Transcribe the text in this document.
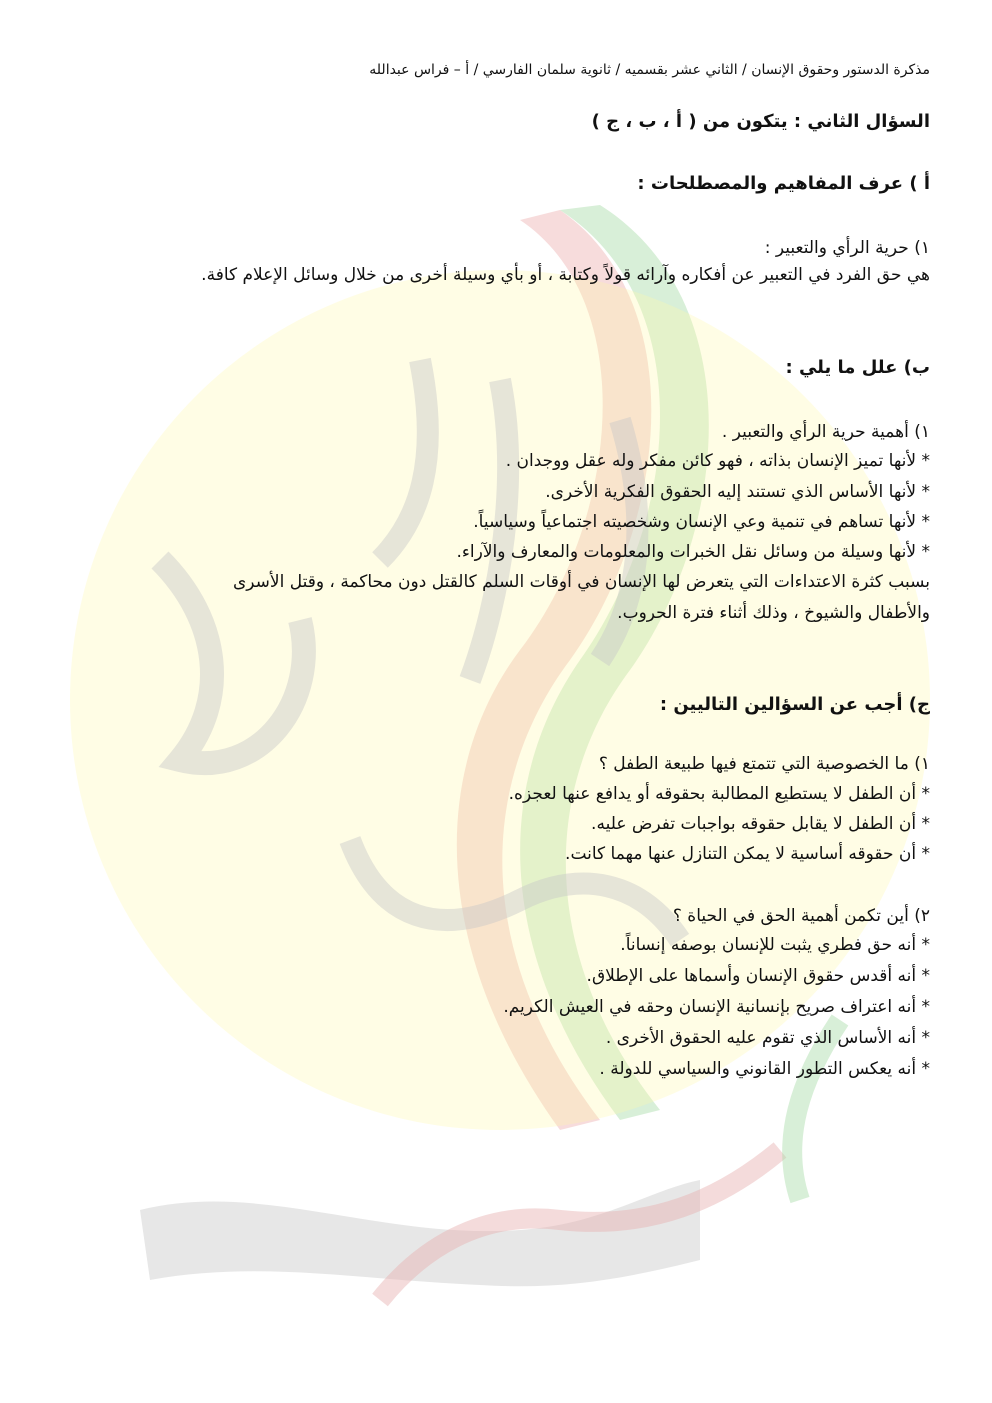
مذكرة الدستور وحقوق الإنسان / الثاني عشر بقسميه / ثانوية سلمان الفارسي / أ – فراس عبدالله
السؤال الثاني : يتكون من ( أ ، ب ، ج )
أ ) عرف المفاهيم والمصطلحات :
١) حرية الرأي والتعبير :
هي حق الفرد في التعبير عن أفكاره وآرائه قولاً وكتابة ، أو بأي وسيلة أخرى من خلال وسائل الإعلام كافة.
ب) علل ما يلي :
١) أهمية حرية الرأي والتعبير .
* لأنها تميز الإنسان بذاته ، فهو كائن مفكر وله عقل ووجدان .
* لأنها الأساس الذي تستند إليه الحقوق الفكرية الأخرى.
* لأنها تساهم في تنمية وعي الإنسان وشخصيته اجتماعياً وسياسياً.
* لأنها وسيلة من وسائل نقل الخبرات والمعلومات والمعارف والآراء.
بسبب كثرة الاعتداءات التي يتعرض لها الإنسان في أوقات السلم كالقتل دون محاكمة ، وقتل الأسرى
والأطفال والشيوخ ، وذلك أثناء فترة الحروب.
ج) أجب عن السؤالين التاليين :
١) ما الخصوصية التي تتمتع فيها طبيعة الطفل ؟
* أن الطفل لا يستطيع المطالبة بحقوقه أو يدافع عنها لعجزه.
* أن الطفل لا يقابل حقوقه بواجبات تفرض عليه.
* أن حقوقه أساسية لا يمكن التنازل عنها مهما كانت.
٢) أين تكمن أهمية الحق في الحياة ؟
* أنه حق فطري يثبت للإنسان بوصفه إنساناً.
* أنه أقدس حقوق الإنسان وأسماها على الإطلاق.
* أنه اعتراف صريح بإنسانية الإنسان وحقه في العيش الكريم.
* أنه الأساس الذي تقوم عليه الحقوق الأخرى .
* أنه يعكس التطور القانوني والسياسي للدولة .
